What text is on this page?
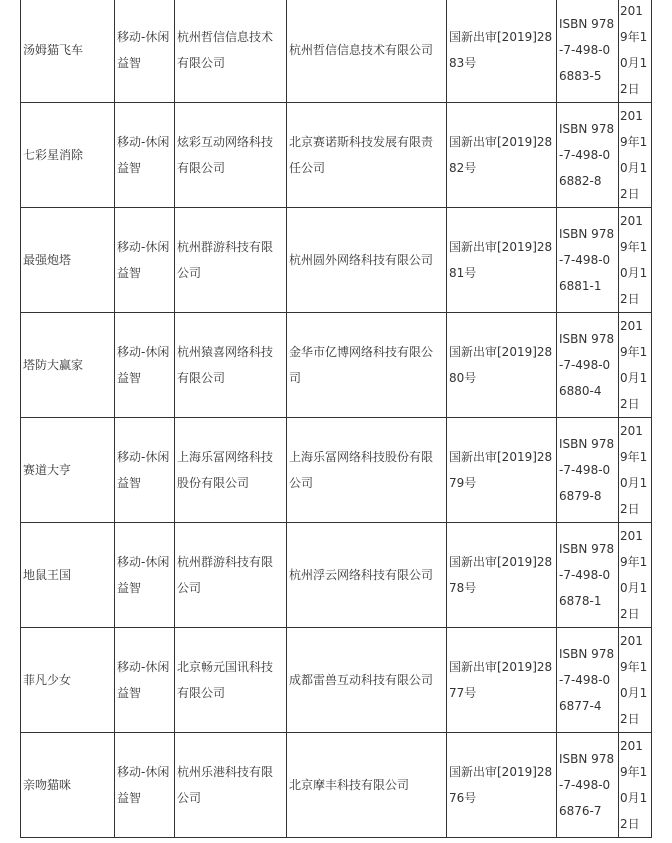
汤姆猫飞车	移动-休闲益智	杭州哲信信息技术有限公司	杭州哲信信息技术有限公司	国新出审[2019]2883号	ISBN 978-7-498-06883-5	2019年10月12日
七彩星消除	移动-休闲益智	炫彩互动网络科技有限公司	北京赛诺斯科技发展有限责任公司	国新出审[2019]2882号	ISBN 978-7-498-06882-8	2019年10月12日
最强炮塔	移动-休闲益智	杭州群游科技有限公司	杭州圆外网络科技有限公司	国新出审[2019]2881号	ISBN 978-7-498-06881-1	2019年10月12日
塔防大赢家	移动-休闲益智	杭州猿喜网络科技有限公司	金华市亿博网络科技有限公司	国新出审[2019]2880号	ISBN 978-7-498-06880-4	2019年10月12日
赛道大亨	移动-休闲益智	上海乐冨网络科技股份有限公司	上海乐冨网络科技股份有限公司	国新出审[2019]2879号	ISBN 978-7-498-06879-8	2019年10月12日
地鼠王国	移动-休闲益智	杭州群游科技有限公司	杭州浮云网络科技有限公司	国新出审[2019]2878号	ISBN 978-7-498-06878-1	2019年10月12日
菲凡少女	移动-休闲益智	北京畅元国讯科技有限公司	成都雷兽互动科技有限公司	国新出审[2019]2877号	ISBN 978-7-498-06877-4	2019年10月12日
亲吻猫咪	移动-休闲益智	杭州乐港科技有限公司	北京摩丰科技有限公司	国新出审[2019]2876号	ISBN 978-7-498-06876-7	2019年10月12日
